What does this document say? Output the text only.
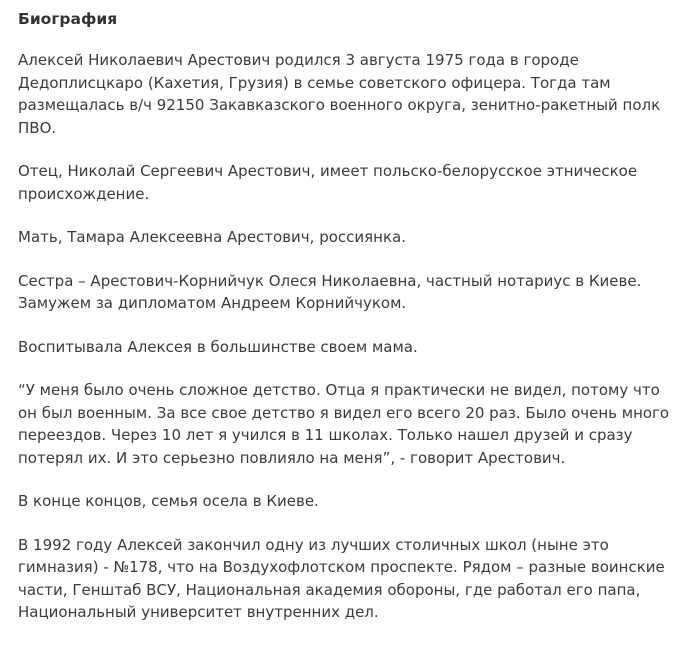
Биография

Алексей Николаевич Арестович родился 3 августа 1975 года в городе Дедоплисцкаро (Кахетия, Грузия) в семье советского офицера. Тогда там размещалась в/ч 92150 Закавказского военного округа, зенитно-ракетный полк ПВО.

Отец, Николай Сергеевич Арестович, имеет польско-белорусское этническое происхождение.

Мать, Тамара Алексеевна Арестович, россиянка.

Сестра – Арестович-Корнийчук Олеся Николаевна, частный нотариус в Киеве. Замужем за дипломатом Андреем Корнийчуком.

Воспитывала Алексея в большинстве своем мама.

“У меня было очень сложное детство. Отца я практически не видел, потому что он был военным. За все свое детство я видел его всего 20 раз. Было очень много переездов. Через 10 лет я учился в 11 школах. Только нашел друзей и сразу потерял их. И это серьезно повлияло на меня”, - говорит Арестович.

В конце концов, семья осела в Киеве.

В 1992 году Алексей закончил одну из лучших столичных школ (ныне это гимназия) - №178, что на Воздухофлотском проспекте. Рядом – разные воинские части, Генштаб ВСУ, Национальная академия обороны, где работал его папа, Национальный университет внутренних дел.
